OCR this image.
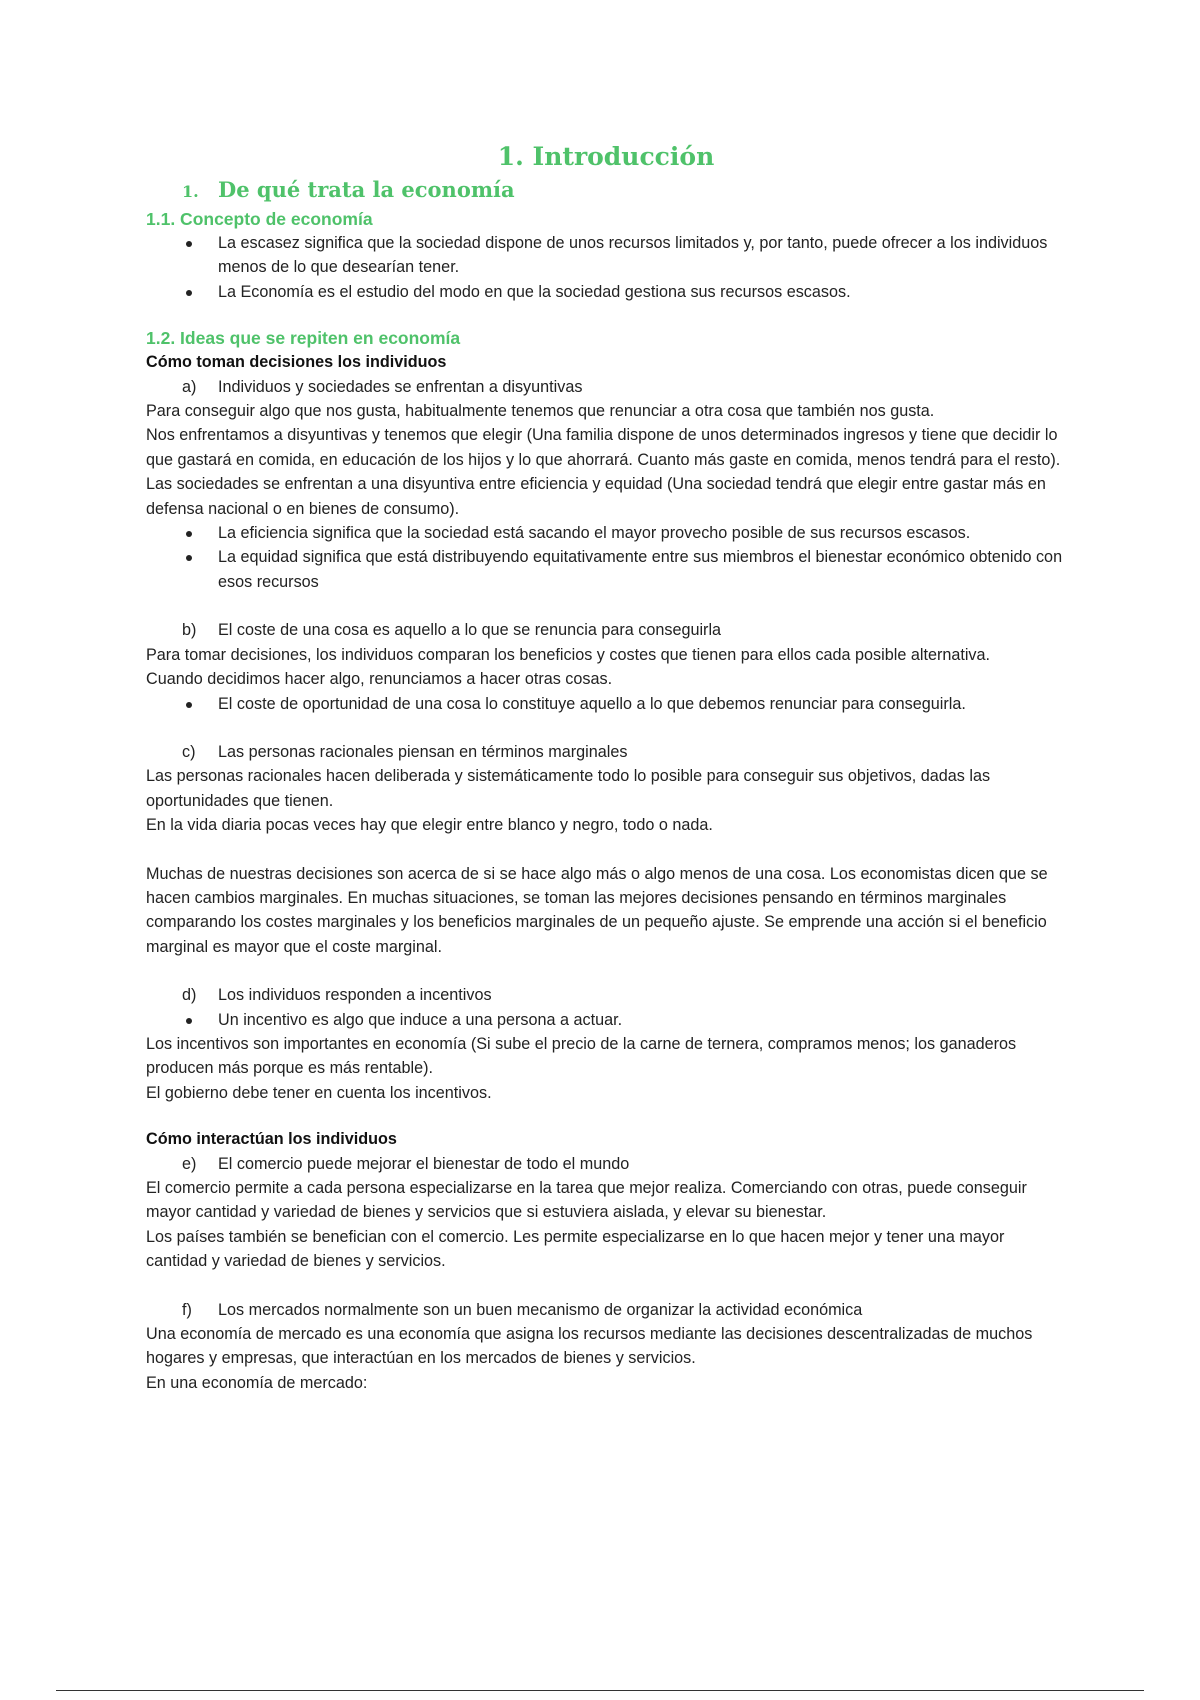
1. Introducción
1. De qué trata la economía
1.1. Concepto de economía
La escasez significa que la sociedad dispone de unos recursos limitados y, por tanto, puede ofrecer a los individuos menos de lo que desearían tener.
La Economía es el estudio del modo en que la sociedad gestiona sus recursos escasos.
1.2. Ideas que se repiten en economía

Cómo toman decisiones los individuos

a) Individuos y sociedades se enfrentan a disyuntivas

Para conseguir algo que nos gusta, habitualmente tenemos que renunciar a otra cosa que también nos gusta.

Nos enfrentamos a disyuntivas y tenemos que elegir (Una familia dispone de unos determinados ingresos y tiene que decidir lo que gastará en comida, en educación de los hijos y lo que ahorrará. Cuanto más gaste en comida, menos tendrá para el resto).

Las sociedades se enfrentan a una disyuntiva entre eficiencia y equidad (Una sociedad tendrá que elegir entre gastar más en defensa nacional o en bienes de consumo).

La eficiencia significa que la sociedad está sacando el mayor provecho posible de sus recursos escasos.
La equidad significa que está distribuyendo equitativamente entre sus miembros el bienestar económico obtenido con esos recursos

b) El coste de una cosa es aquello a lo que se renuncia para conseguirla

Para tomar decisiones, los individuos comparan los beneficios y costes que tienen para ellos cada posible alternativa.

Cuando decidimos hacer algo, renunciamos a hacer otras cosas.

El coste de oportunidad de una cosa lo constituye aquello a lo que debemos renunciar para conseguirla.

c) Las personas racionales piensan en términos marginales

Las personas racionales hacen deliberada y sistemáticamente todo lo posible para conseguir sus objetivos, dadas las oportunidades que tienen.

En la vida diaria pocas veces hay que elegir entre blanco y negro, todo o nada.

Muchas de nuestras decisiones son acerca de si se hace algo más o algo menos de una cosa. Los economistas dicen que se hacen cambios marginales. En muchas situaciones, se toman las mejores decisiones pensando en términos marginales comparando los costes marginales y los beneficios marginales de un pequeño ajuste. Se emprende una acción si el beneficio marginal es mayor que el coste marginal.

d) Los individuos responden a incentivos

Un incentivo es algo que induce a una persona a actuar.

Los incentivos son importantes en economía (Si sube el precio de la carne de ternera, compramos menos; los ganaderos producen más porque es más rentable).

El gobierno debe tener en cuenta los incentivos.

Cómo interactúan los individuos

e) El comercio puede mejorar el bienestar de todo el mundo

El comercio permite a cada persona especializarse en la tarea que mejor realiza. Comerciando con otras, puede conseguir mayor cantidad y variedad de bienes y servicios que si estuviera aislada, y elevar su bienestar.

Los países también se benefician con el comercio. Les permite especializarse en lo que hacen mejor y tener una mayor cantidad y variedad de bienes y servicios.

f) Los mercados normalmente son un buen mecanismo de organizar la actividad económica

Una economía de mercado es una economía que asigna los recursos mediante las decisiones descentralizadas de muchos hogares y empresas, que interactúan en los mercados de bienes y servicios.

En una economía de mercado:
